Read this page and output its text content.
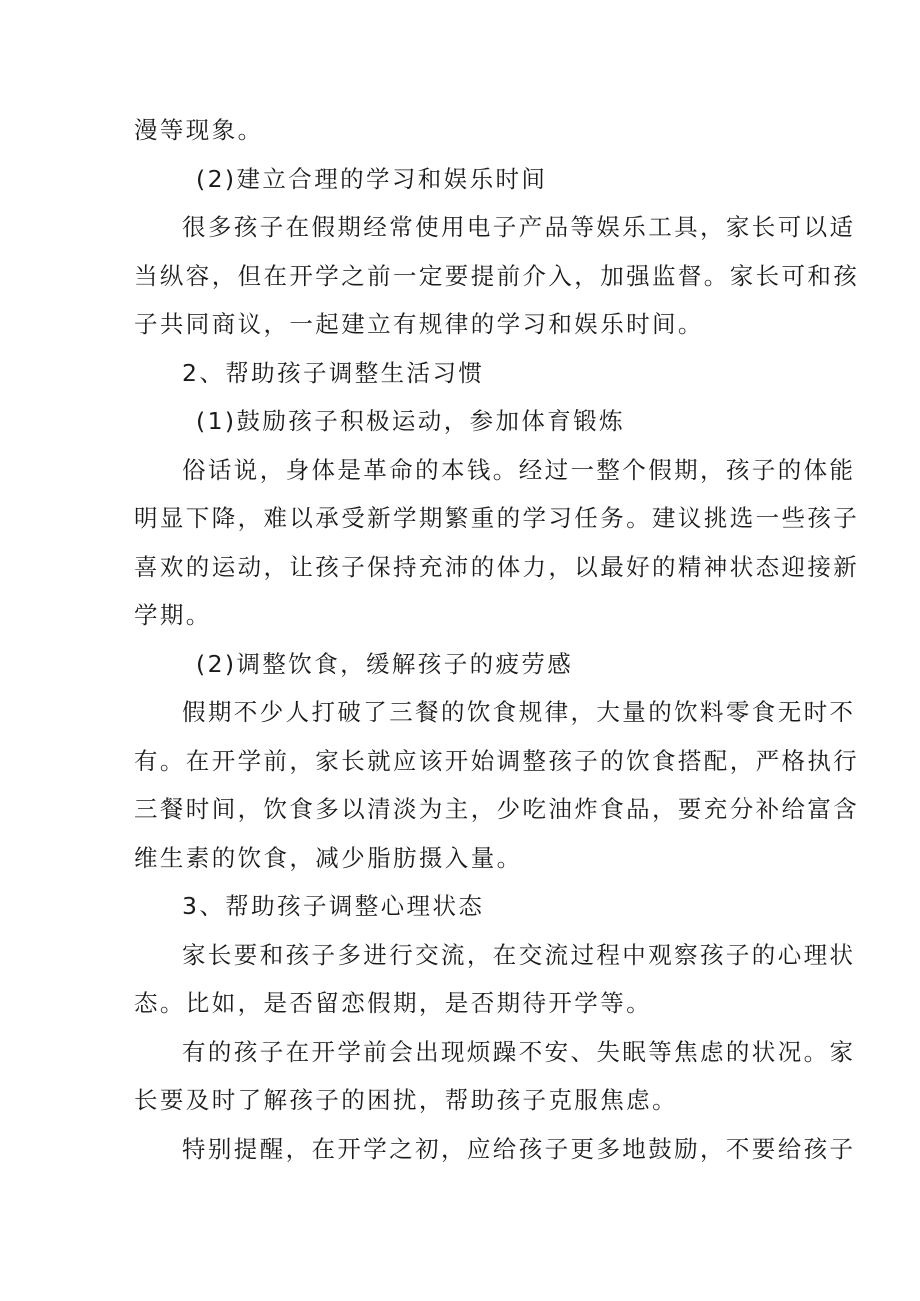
漫等现象。
(2)建立合理的学习和娱乐时间
很多孩子在假期经常使用电子产品等娱乐工具，家长可以适
当纵容，但在开学之前一定要提前介入，加强监督。家长可和孩
子共同商议，一起建立有规律的学习和娱乐时间。
2、帮助孩子调整生活习惯
(1)鼓励孩子积极运动，参加体育锻炼
俗话说，身体是革命的本钱。经过一整个假期，孩子的体能
明显下降，难以承受新学期繁重的学习任务。建议挑选一些孩子
喜欢的运动，让孩子保持充沛的体力，以最好的精神状态迎接新
学期。
(2)调整饮食，缓解孩子的疲劳感
假期不少人打破了三餐的饮食规律，大量的饮料零食无时不
有。在开学前，家长就应该开始调整孩子的饮食搭配，严格执行
三餐时间，饮食多以清淡为主，少吃油炸食品，要充分补给富含
维生素的饮食，减少脂肪摄入量。
3、帮助孩子调整心理状态
家长要和孩子多进行交流，在交流过程中观察孩子的心理状
态。比如，是否留恋假期，是否期待开学等。
有的孩子在开学前会出现烦躁不安、失眠等焦虑的状况。家
长要及时了解孩子的困扰，帮助孩子克服焦虑。
特别提醒，在开学之初，应给孩子更多地鼓励，不要给孩子
